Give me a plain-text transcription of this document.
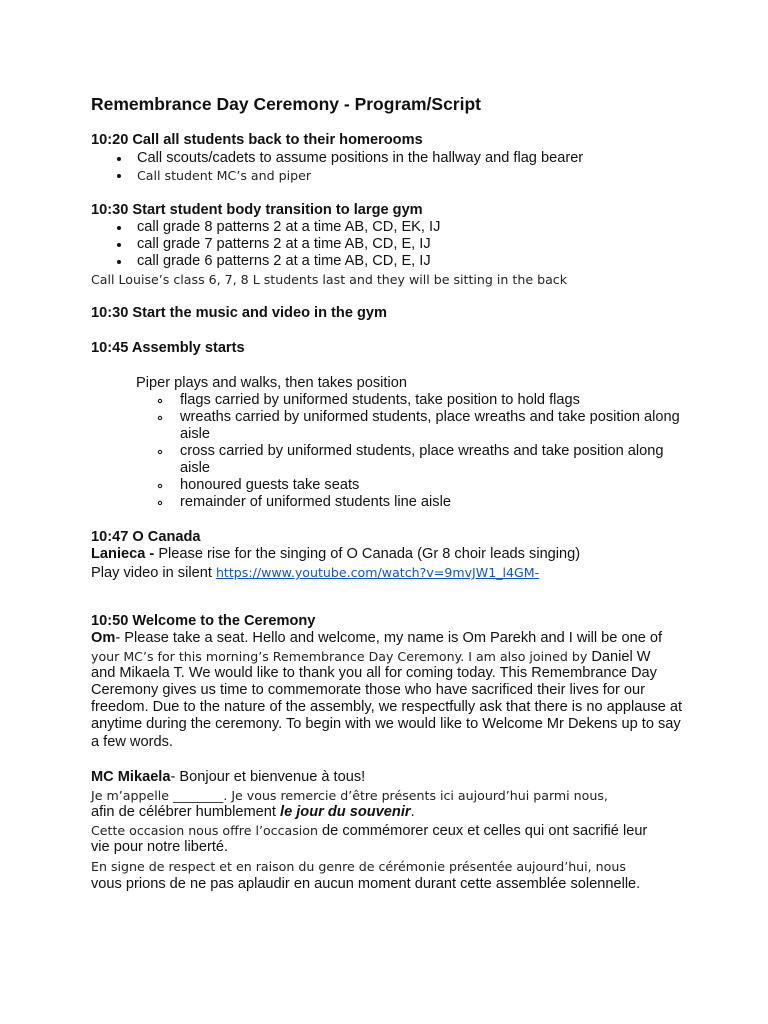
Remembrance Day Ceremony - Program/Script
10:20 Call all students back to their homerooms
Call scouts/cadets to assume positions in the hallway and flag bearer
Call student MC’s and piper
10:30 Start student body transition to large gym
call grade 8 patterns 2 at a time AB, CD, EK, IJ
call grade 7 patterns 2 at a time AB, CD, E, IJ
call grade 6 patterns 2 at a time AB, CD, E, IJ
Call Louise’s class 6, 7, 8 L students last and they will be sitting in the back
10:30 Start the music and video in the gym
10:45 Assembly starts
Piper plays and walks, then takes position
flags carried by uniformed students, take position to hold flags
wreaths carried by uniformed students, place wreaths and take position along
aisle
cross carried by uniformed students, place wreaths and take position along
aisle
honoured guests take seats
remainder of uniformed students line aisle
10:47 O Canada
Lanieca - Please rise for the singing of O Canada (Gr 8 choir leads singing)
Play video in silent https://www.youtube.com/watch?v=9mvJW1_l4GM-
10:50 Welcome to the Ceremony
Om- Please take a seat. Hello and welcome, my name is Om Parekh and I will be one of
your MC’s for this morning’s Remembrance Day Ceremony. I am also joined by Daniel W
and Mikaela T. We would like to thank you all for coming today. This Remembrance Day
Ceremony gives us time to commemorate those who have sacrificed their lives for our
freedom. Due to the nature of the assembly, we respectfully ask that there is no applause at
anytime during the ceremony. To begin with we would like to Welcome Mr Dekens up to say
a few words.
MC Mikaela- Bonjour et bienvenue à tous!
Je m’appelle ________. Je vous remercie d’être présents ici aujourd’hui parmi nous,
afin de célébrer humblement le jour du souvenir.
Cette occasion nous offre l’occasion de commémorer ceux et celles qui ont sacrifié leur
vie pour notre liberté.
En signe de respect et en raison du genre de cérémonie présentée aujourd’hui, nous
vous prions de ne pas aplaudir en aucun moment durant cette assemblée solennelle.
